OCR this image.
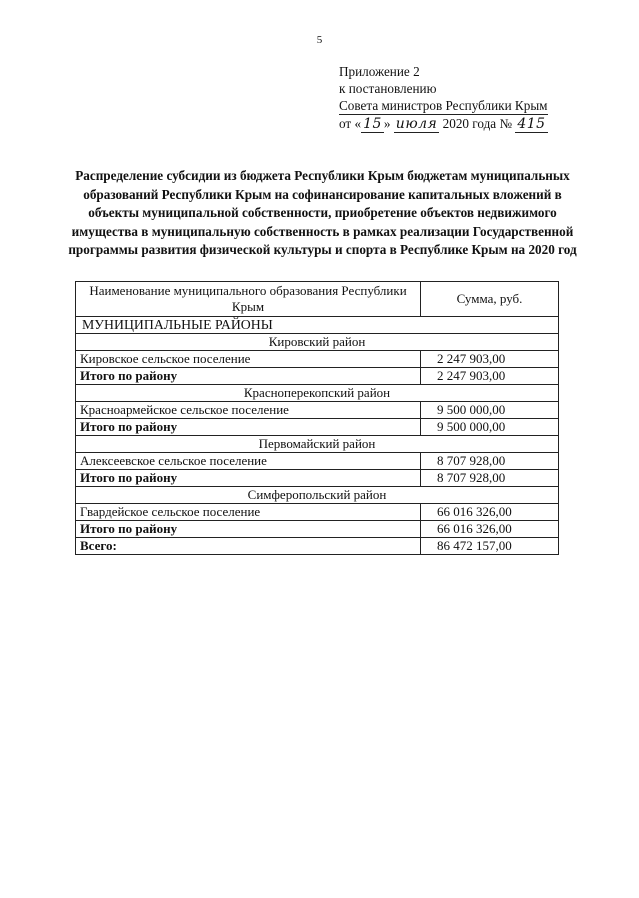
5
Приложение 2
к постановлению
Совета министров Республики Крым
от « 15 » июля 2020 года № 415
Распределение субсидии из бюджета Республики Крым бюджетам муниципальных образований Республики Крым на софинансирование капитальных вложений в объекты муниципальной собственности, приобретение объектов недвижимого имущества в муниципальную собственность в рамках реализации Государственной программы развития физической культуры и спорта в Республике Крым на 2020 год
Наименование муниципального образования Республики Крым	Сумма, руб.
МУНИЦИПАЛЬНЫЕ РАЙОНЫ	
Кировский район	
Кировское сельское поселение	2 247 903,00
Итого по району	2 247 903,00
Красноперекопский район	
Красноармейское сельское поселение	9 500 000,00
Итого по району	9 500 000,00
Первомайский район	
Алексеевское сельское поселение	8 707 928,00
Итого по району	8 707 928,00
Симферопольский район	
Гвардейское сельское поселение	66 016 326,00
Итого по району	66 016 326,00
Всего:	86 472 157,00
